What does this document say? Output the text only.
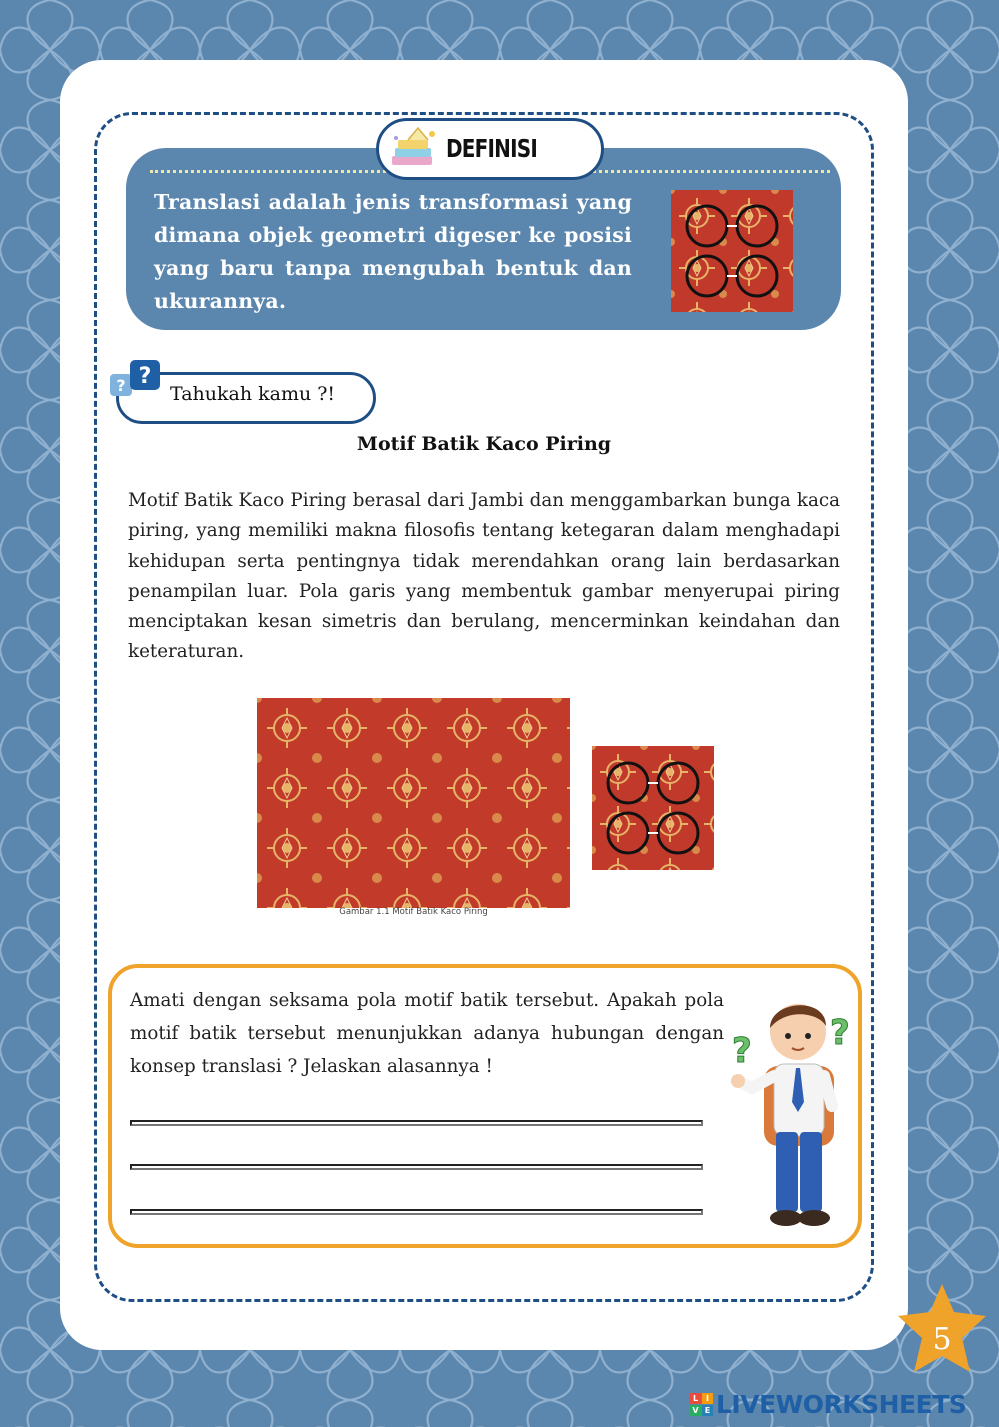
Translasi adalah jenis transformasi yang dimana objek geometri digeser ke posisi yang baru tanpa mengubah bentuk dan ukurannya.
DEFINISI
? ?
Tahukah kamu ?!
Motif Batik Kaco Piring
Motif Batik Kaco Piring berasal dari Jambi dan menggambarkan bunga kaca piring, yang memiliki makna filosofis tentang ketegaran dalam menghadapi kehidupan serta pentingnya tidak merendahkan orang lain berdasarkan penampilan luar. Pola garis yang membentuk gambar menyerupai piring menciptakan kesan simetris dan berulang, mencerminkan keindahan dan keteraturan.
Gambar 1.1 Motif Batik Kaco Piring
Amati dengan seksama pola motif batik tersebut. Apakah pola motif batik tersebut menunjukkan adanya hubungan dengan konsep translasi ? Jelaskan alasannya !	? ?
5
L I
V E LIVEWORKSHEETS
